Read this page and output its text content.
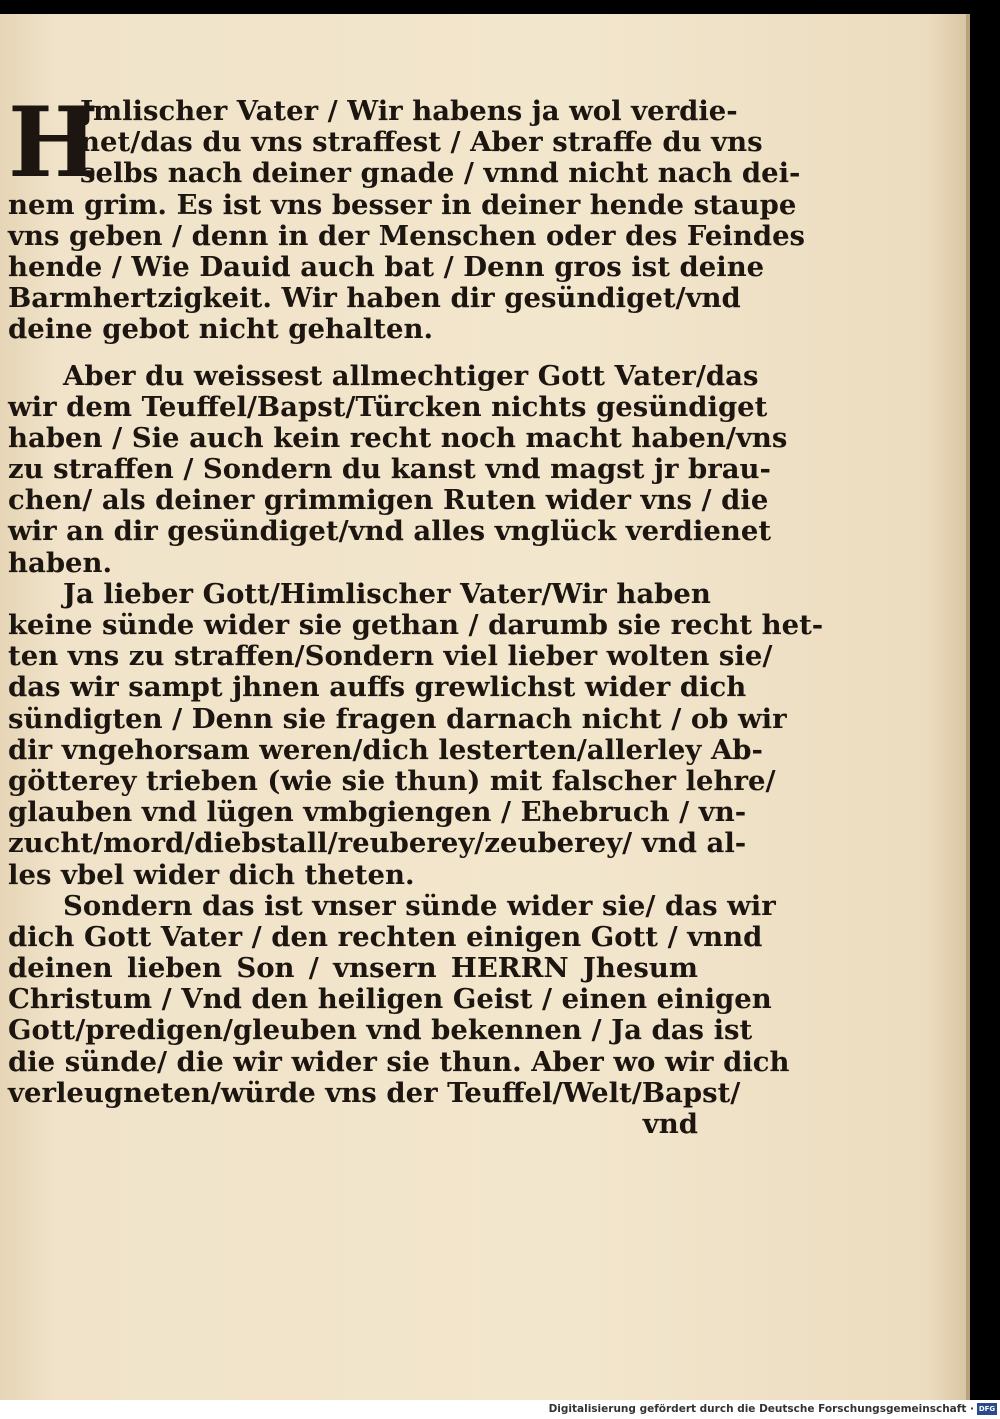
H
Jmlischer Vater / Wir habens ja wol verdie-
net/das du vns straffest / Aber straffe du vns
selbs nach deiner gnade / vnnd nicht nach dei-
nem grim. Es ist vns besser in deiner hende staupe
vns geben / denn in der Menschen oder des Feindes
hende / Wie Dauid auch bat / Denn gros ist deine
Barmhertzigkeit. Wir haben dir gesündiget/vnd
deine gebot nicht gehalten.
Aber du weissest allmechtiger Gott Vater/das
wir dem Teuffel/Bapst/Türcken nichts gesündiget
haben / Sie auch kein recht noch macht haben/vns
zu straffen / Sondern du kanst vnd magst jr brau-
chen/ als deiner grimmigen Ruten wider vns / die
wir an dir gesündiget/vnd alles vnglück verdienet
haben.
Ja lieber Gott/Himlischer Vater/Wir haben
keine sünde wider sie gethan / darumb sie recht het-
ten vns zu straffen/Sondern viel lieber wolten sie/
das wir sampt jhnen auffs grewlichst wider dich
sündigten / Denn sie fragen darnach nicht / ob wir
dir vngehorsam weren/dich lesterten/allerley Ab-
götterey trieben (wie sie thun) mit falscher lehre/
glauben vnd lügen vmbgiengen / Ehebruch / vn-
zucht/mord/diebstall/reuberey/zeuberey/ vnd al-
les vbel wider dich theten.
Sondern das ist vnser sünde wider sie/ das wir
dich Gott Vater / den rechten einigen Gott / vnnd
deinen lieben Son / vnsern HERRN Jhesum
Christum / Vnd den heiligen Geist / einen einigen
Gott/predigen/gleuben vnd bekennen / Ja das ist
die sünde/ die wir wider sie thun. Aber wo wir dich
verleugneten/würde vns der Teuffel/Welt/Bapst/
vnd
Digitalisierung gefördert durch die Deutsche Forschungsgemeinschaft · DFG
